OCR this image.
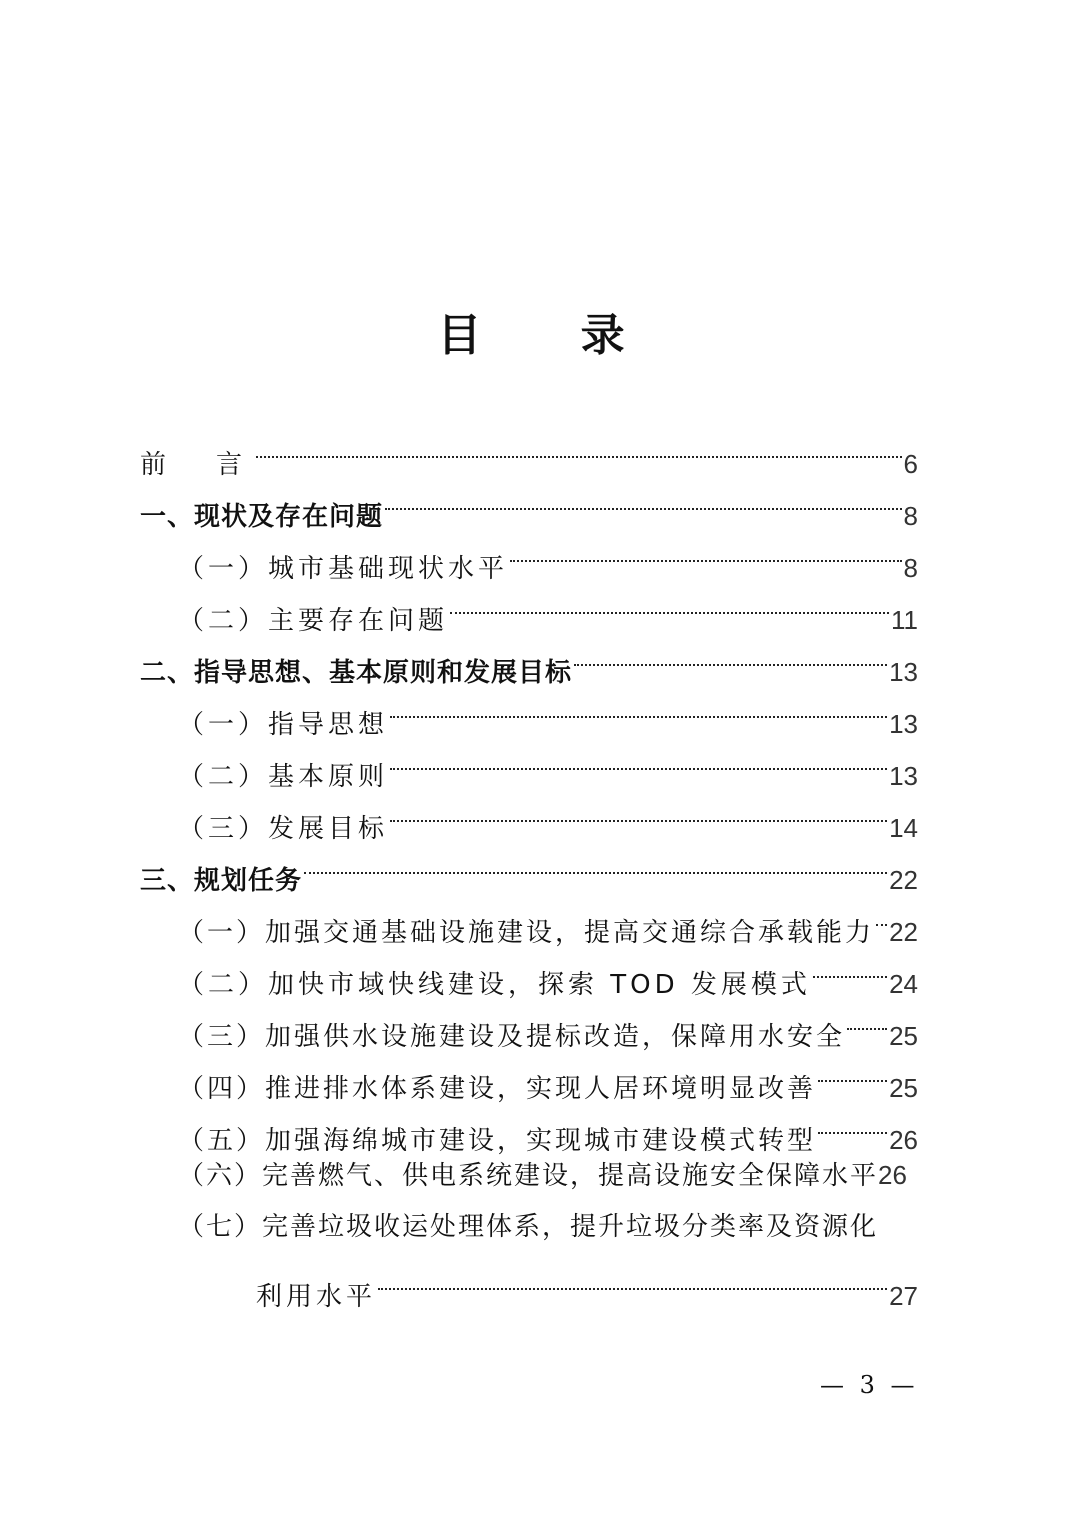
目 录
前　言	6
一、现状及存在问题	8
（一）城市基础现状水平	8
（二）主要存在问题	11
二、指导思想、基本原则和发展目标	13
（一）指导思想	13
（二）基本原则	13
（三）发展目标	14
三、规划任务	22
（一）加强交通基础设施建设，提高交通综合承载能力 22
（二）加快市域快线建设，探索 TOD 发展模式	24
（三）加强供水设施建设及提标改造，保障用水安全 25
（四）推进排水体系建设，实现人居环境明显改善	25
（五）加强海绵城市建设，实现城市建设模式转型	26
（六）完善燃气、供电系统建设，提高设施安全保障水平 26
（七）完善垃圾收运处理体系，提升垃圾分类率及资源化
利用水平	27
— 3 —
